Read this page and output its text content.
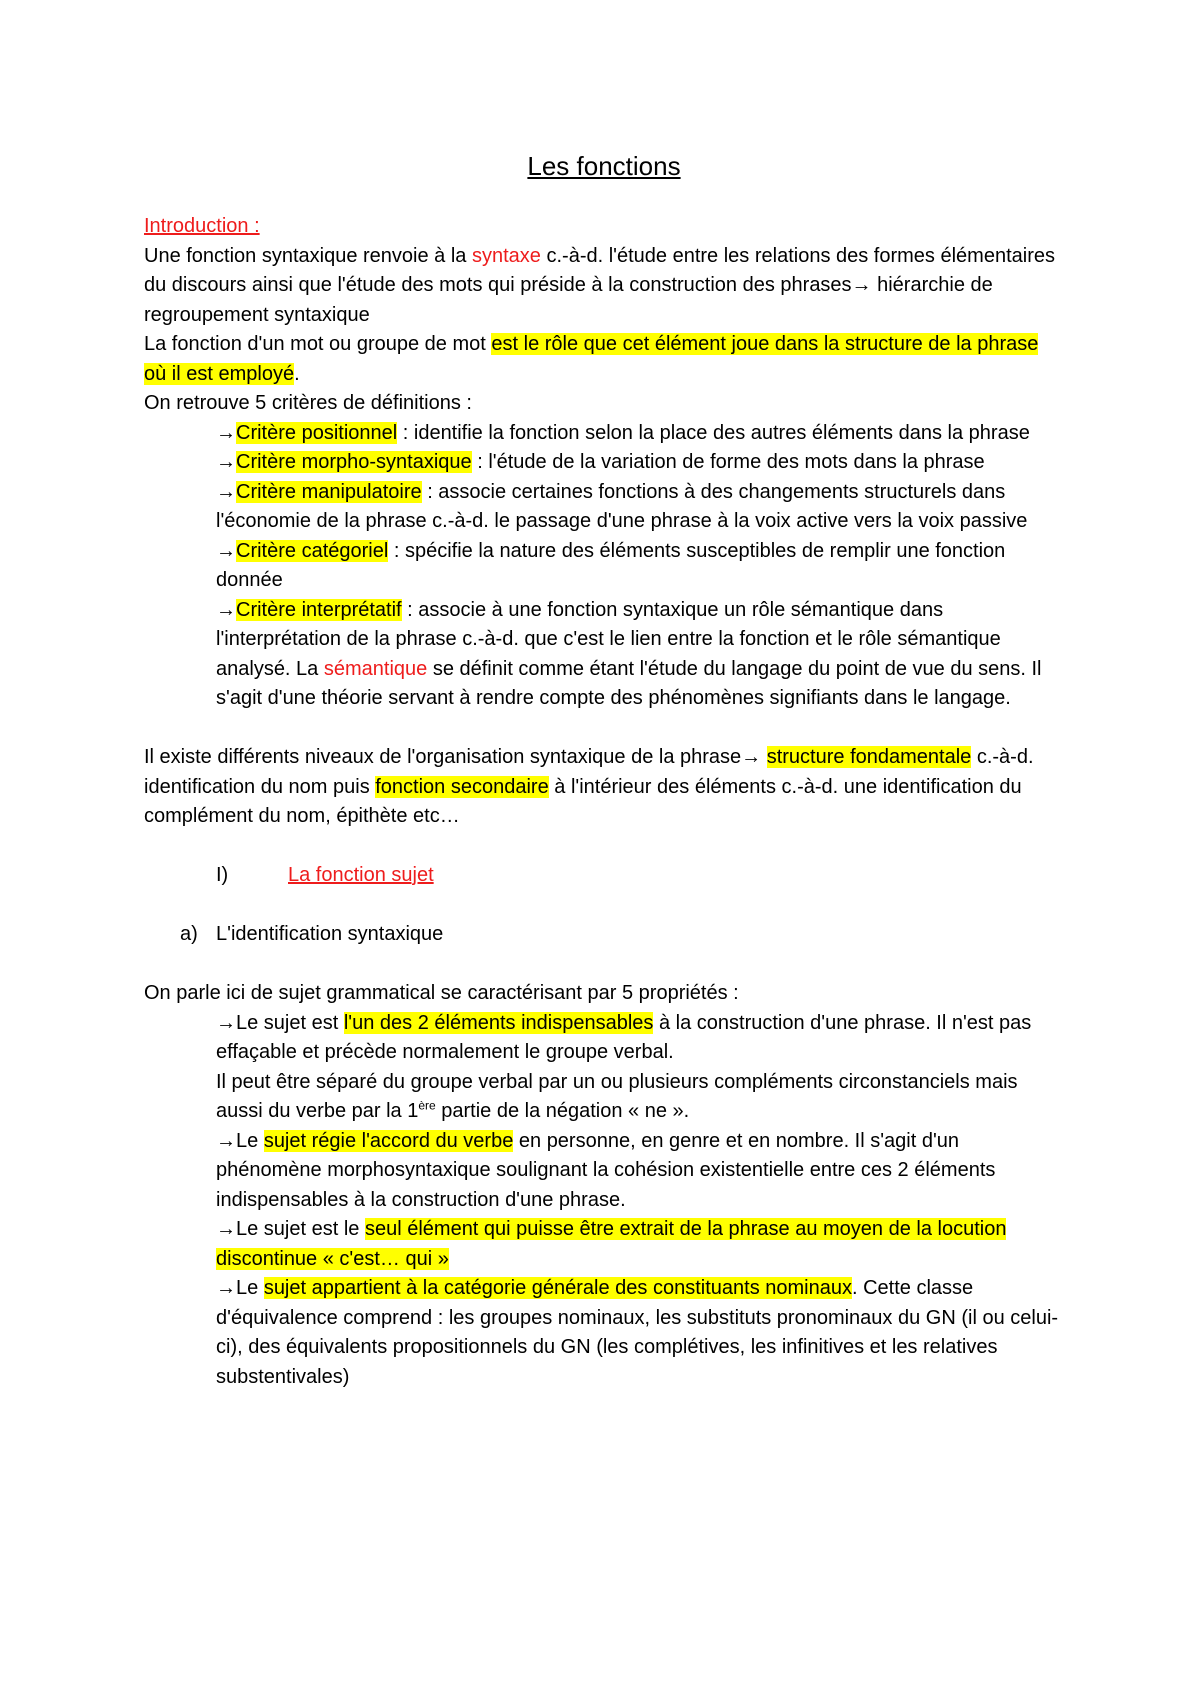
Les fonctions
Introduction :

Une fonction syntaxique renvoie à la syntaxe c.-à-d. l'étude entre les relations des formes élémentaires du discours ainsi que l'étude des mots qui préside à la construction des phrases→ hiérarchie de regroupement syntaxique

La fonction d'un mot ou groupe de mot est le rôle que cet élément joue dans la structure de la phrase où il est employé.

On retrouve 5 critères de définitions :

→Critère positionnel : identifie la fonction selon la place des autres éléments dans la phrase

→Critère morpho-syntaxique : l'étude de la variation de forme des mots dans la phrase

→Critère manipulatoire : associe certaines fonctions à des changements structurels dans l'économie de la phrase c.-à-d. le passage d'une phrase à la voix active vers la voix passive

→Critère catégoriel : spécifie la nature des éléments susceptibles de remplir une fonction donnée

→Critère interprétatif : associe à une fonction syntaxique un rôle sémantique dans l'interprétation de la phrase c.-à-d. que c'est le lien entre la fonction et le rôle sémantique analysé. La sémantique se définit comme étant l'étude du langage du point de vue du sens. Il s'agit d'une théorie servant à rendre compte des phénomènes signifiants dans le langage.

Il existe différents niveaux de l'organisation syntaxique de la phrase→ structure fondamentale c.-à-d. identification du nom puis fonction secondaire à l'intérieur des éléments c.-à-d. une identification du complément du nom, épithète etc…

I)	La fonction sujet
a) L'identification syntaxique

On parle ici de sujet grammatical se caractérisant par 5 propriétés :

→Le sujet est l'un des 2 éléments indispensables à la construction d'une phrase. Il n'est pas effaçable et précède normalement le groupe verbal.

Il peut être séparé du groupe verbal par un ou plusieurs compléments circonstanciels mais aussi du verbe par la 1ère partie de la négation « ne ».

→Le sujet régie l'accord du verbe en personne, en genre et en nombre. Il s'agit d'un phénomène morphosyntaxique soulignant la cohésion existentielle entre ces 2 éléments indispensables à la construction d'une phrase.

→Le sujet est le seul élément qui puisse être extrait de la phrase au moyen de la locution discontinue « c'est… qui »

→Le sujet appartient à la catégorie générale des constituants nominaux. Cette classe d'équivalence comprend : les groupes nominaux, les substituts pronominaux du GN (il ou celui-ci), des équivalents propositionnels du GN (les complétives, les infinitives et les relatives substentivales)
